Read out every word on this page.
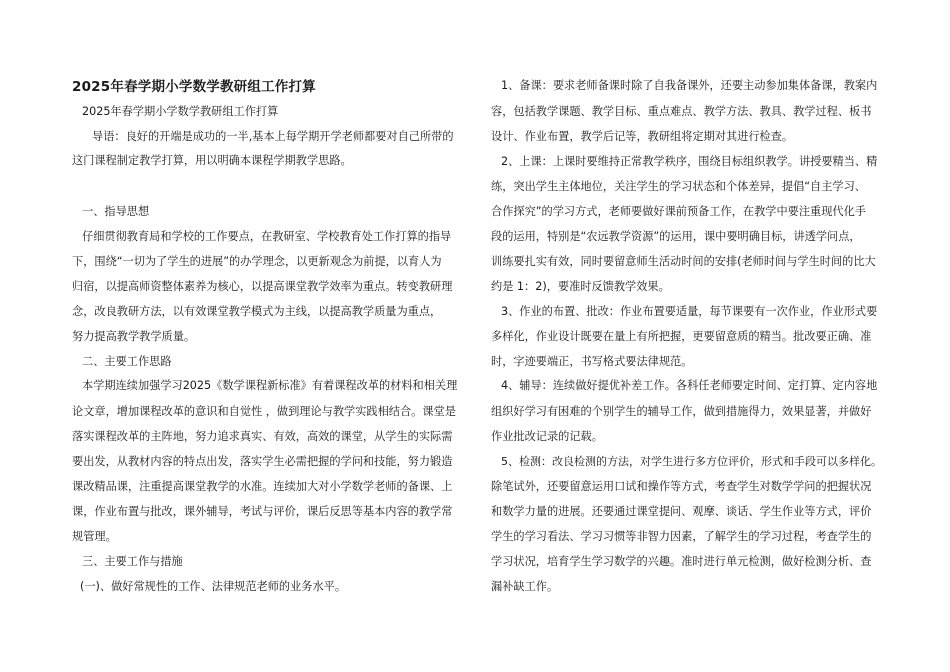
2025年春学期小学数学教研组工作打算
2025年春学期小学数学教研组工作打算
导语：良好的开端是成功的一半,基本上每学期开学老师都要对自己所带的
这门课程制定教学打算，用以明确本课程学期教学思路。
一、指导思想
仔细贯彻教育局和学校的工作要点，在教研室、学校教育处工作打算的指导
下，围绕“一切为了学生的进展”的办学理念，以更新观念为前提，以育人为
归宿，以提高师资整体素养为核心，以提高课堂教学效率为重点。转变教研理
念，改良教研方法，以有效课堂教学模式为主线，以提高教学质量为重点，
努力提高教学教学质量。
二、主要工作思路
本学期连续加强学习2025《数学课程新标准》有着课程改革的材料和相关理
论文章，增加课程改革的意识和自觉性 ，做到理论与教学实践相结合。课堂是
落实课程改革的主阵地，努力追求真实、有效，高效的课堂，从学生的实际需
要出发，从教材内容的特点出发，落实学生必需把握的学问和技能，努力锻造
课改精品课，注重提高课堂教学的水准。连续加大对小学数学老师的备课、上
课，作业布置与批改，课外辅导，考试与评价，课后反思等基本内容的教学常
规管理。
三、主要工作与措施
(一)、做好常规性的工作、法律规范老师的业务水平。
1、备课：要求老师备课时除了自我备课外，还要主动参加集体备课，教案内
容，包括教学课题、教学目标、重点难点、教学方法、教具、教学过程、板书
设计、作业布置，教学后记等，教研组将定期对其进行检查。
2、上课：上课时要维持正常教学秩序，围绕目标组织教学。讲授要精当、精
练，突出学生主体地位，关注学生的学习状态和个体差异，提倡“自主学习、
合作探究”的学习方式，老师要做好课前预备工作，在教学中要注重现代化手
段的运用，特别是“农远教学资源”的运用，课中要明确目标，讲透学问点，
训练要扎实有效，同时要留意师生活动时间的安排(老师时间与学生时间的比大
约是 1：2)，要准时反馈教学效果。
3、作业的布置、批改：作业布置要适量，每节课要有一次作业，作业形式要
多样化，作业设计既要在量上有所把握，更要留意质的精当。批改要正确、准
时，字迹要端正，书写格式要法律规范。
4、辅导：连续做好提优补差工作。各科任老师要定时间、定打算、定内容地
组织好学习有困难的个别学生的辅导工作，做到措施得力，效果显著，并做好
作业批改记录的记载。
5、检测：改良检测的方法，对学生进行多方位评价，形式和手段可以多样化。
除笔试外，还要留意运用口试和操作等方式，考查学生对数学学问的把握状况
和数学力量的进展。还要通过课堂提问、观摩、谈话、学生作业等方式，评价
学生的学习看法、学习习惯等非智力因素，了解学生的学习过程，考查学生的
学习状况，培育学生学习数学的兴趣。准时进行单元检测，做好检测分析、查
漏补缺工作。
